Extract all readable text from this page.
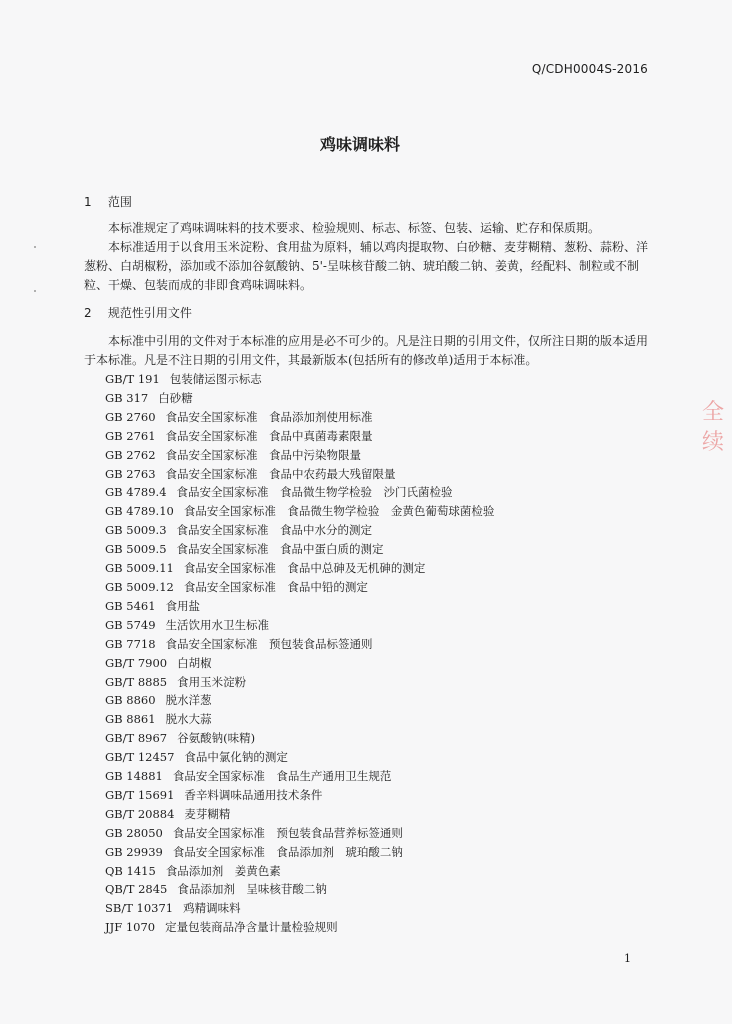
Q/CDH0004S-2016
鸡味调味料
1 范围
本标准规定了鸡味调味料的技术要求、检验规则、标志、标签、包装、运输、贮存和保质期。
本标准适用于以食用玉米淀粉、食用盐为原料，辅以鸡肉提取物、白砂糖、麦芽糊精、葱粉、蒜粉、洋葱粉、白胡椒粉，添加或不添加谷氨酸钠、5'-呈味核苷酸二钠、琥珀酸二钠、姜黄，经配料、制粒或不制粒、干燥、包装而成的非即食鸡味调味料。
2 规范性引用文件
本标准中引用的文件对于本标准的应用是必不可少的。凡是注日期的引用文件，仅所注日期的版本适用于本标准。凡是不注日期的引用文件，其最新版本(包括所有的修改单)适用于本标准。
GB/T 191 包装储运图示标志
GB 317 白砂糖
GB 2760 食品安全国家标准　食品添加剂使用标准
GB 2761 食品安全国家标准　食品中真菌毒素限量
GB 2762 食品安全国家标准　食品中污染物限量
GB 2763 食品安全国家标准　食品中农药最大残留限量
GB 4789.4 食品安全国家标准　食品微生物学检验　沙门氏菌检验
GB 4789.10 食品安全国家标准　食品微生物学检验　金黄色葡萄球菌检验
GB 5009.3 食品安全国家标准　食品中水分的测定
GB 5009.5 食品安全国家标准　食品中蛋白质的测定
GB 5009.11 食品安全国家标准　食品中总砷及无机砷的测定
GB 5009.12 食品安全国家标准　食品中铅的测定
GB 5461 食用盐
GB 5749 生活饮用水卫生标准
GB 7718 食品安全国家标准　预包装食品标签通则
GB/T 7900 白胡椒
GB/T 8885 食用玉米淀粉
GB 8860 脱水洋葱
GB 8861 脱水大蒜
GB/T 8967 谷氨酸钠(味精)
GB/T 12457 食品中氯化钠的测定
GB 14881 食品安全国家标准　食品生产通用卫生规范
GB/T 15691 香辛料调味品通用技术条件
GB/T 20884 麦芽糊精
GB 28050 食品安全国家标准　预包装食品营养标签通则
GB 29939 食品安全国家标准　食品添加剂　琥珀酸二钠
QB 1415 食品添加剂　姜黄色素
QB/T 2845 食品添加剂　呈味核苷酸二钠
SB/T 10371 鸡精调味料
JJF 1070 定量包装商品净含量计量检验规则
1
全
续
